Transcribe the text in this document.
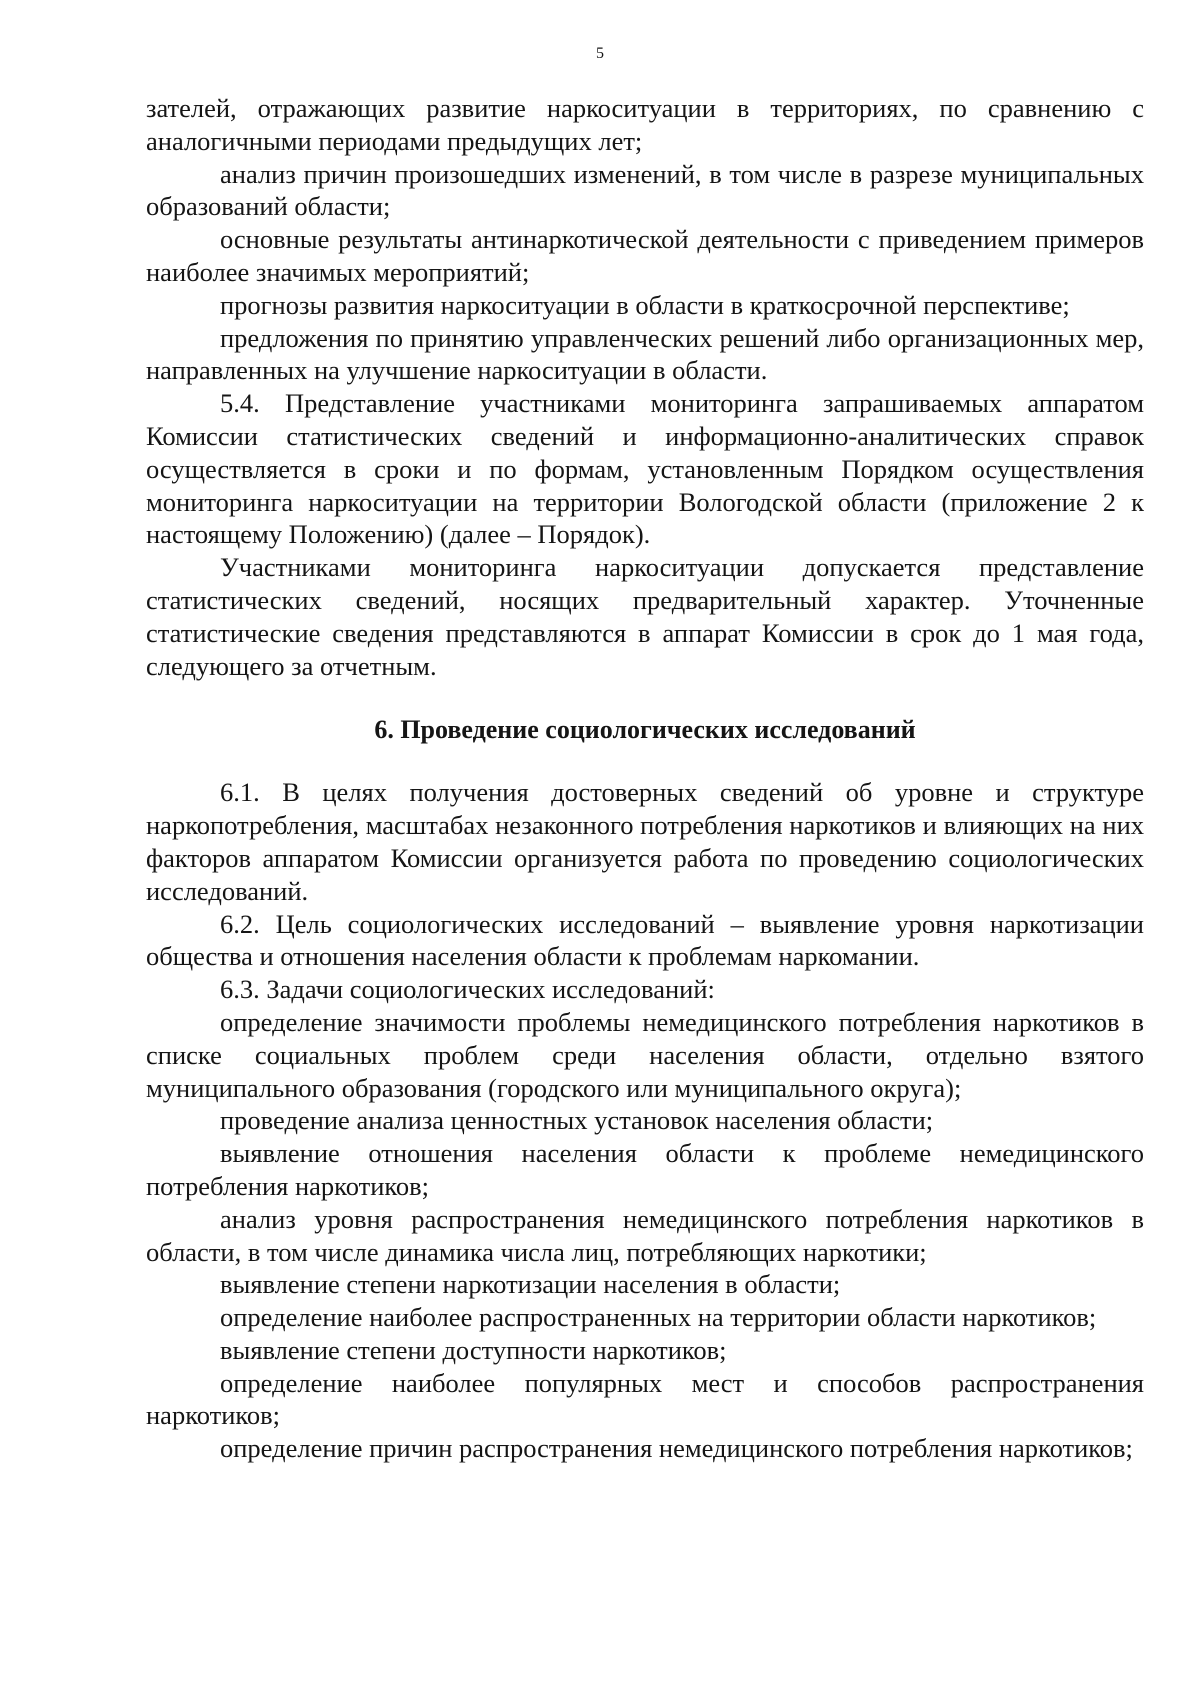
5

зателей, отражающих развитие наркоситуации в территориях, по сравнению с аналогичными периодами предыдущих лет;

анализ причин произошедших изменений, в том числе в разрезе муниципальных образований области;

основные результаты антинаркотической деятельности с приведением примеров наиболее значимых мероприятий;

прогнозы развития наркоситуации в области в краткосрочной перспективе;

предложения по принятию управленческих решений либо организационных мер, направленных на улучшение наркоситуации в области.

5.4. Представление участниками мониторинга запрашиваемых аппаратом Комиссии статистических сведений и информационно-аналитических справок осуществляется в сроки и по формам, установленным Порядком осуществления мониторинга наркоситуации на территории Вологодской области (приложение 2 к настоящему Положению) (далее – Порядок).

Участниками мониторинга наркоситуации допускается представление статистических сведений, носящих предварительный характер. Уточненные статистические сведения представляются в аппарат Комиссии в срок до 1 мая года, следующего за отчетным.

6. Проведение социологических исследований

6.1. В целях получения достоверных сведений об уровне и структуре наркопотребления, масштабах незаконного потребления наркотиков и влияющих на них факторов аппаратом Комиссии организуется работа по проведению социологических исследований.

6.2. Цель социологических исследований – выявление уровня наркотизации общества и отношения населения области к проблемам наркомании.

6.3. Задачи социологических исследований:

определение значимости проблемы немедицинского потребления наркотиков в списке социальных проблем среди населения области, отдельно взятого муниципального образования (городского или муниципального округа);

проведение анализа ценностных установок населения области;

выявление отношения населения области к проблеме немедицинского потребления наркотиков;

анализ уровня распространения немедицинского потребления наркотиков в области, в том числе динамика числа лиц, потребляющих наркотики;

выявление степени наркотизации населения в области;

определение наиболее распространенных на территории области наркотиков;

выявление степени доступности наркотиков;

определение наиболее популярных мест и способов распространения наркотиков;

определение причин распространения немедицинского потребления наркотиков;
